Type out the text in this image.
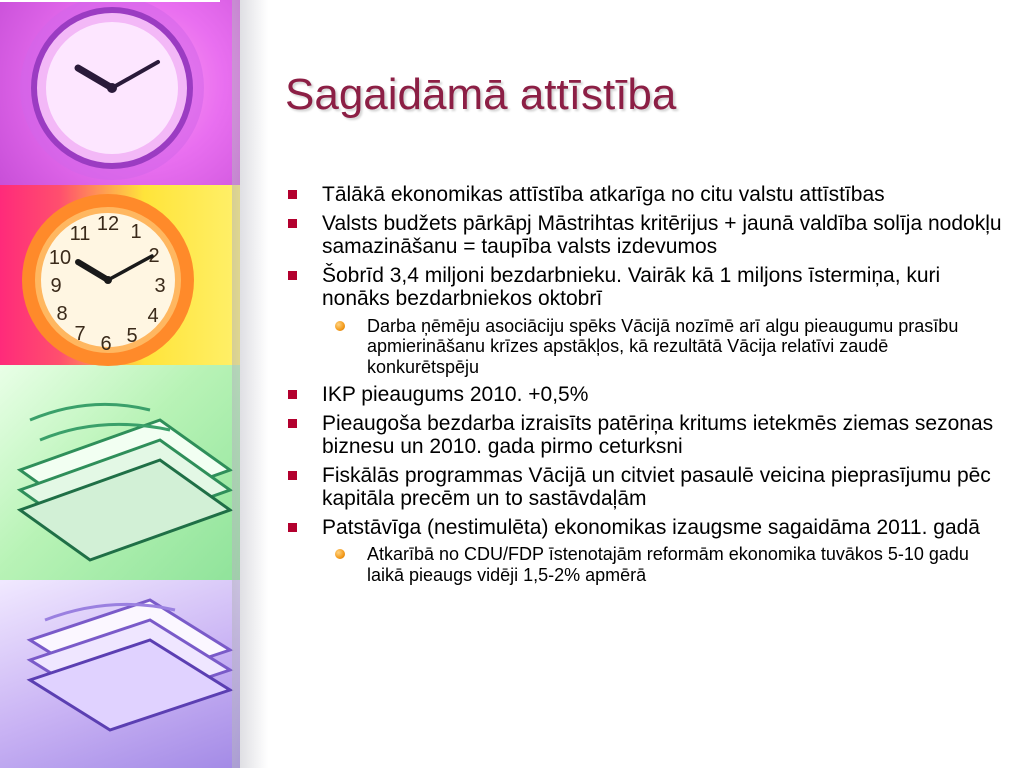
12 1
2
3
4
5
6
7
8
9
10
11
Sagaidāmā attīstība
Tālākā ekonomikas attīstība atkarīga no citu valstu attīstības
Valsts budžets pārkāpj Māstrihtas kritērijus + jaunā valdība solīja nodokļu samazināšanu = taupība valsts izdevumos
Šobrīd 3,4 miljoni bezdarbnieku. Vairāk kā 1 miljons īstermiņa, kuri nonāks bezdarbniekos oktobrī
Darba ņēmēju asociāciju spēks Vācijā nozīmē arī algu pieaugumu prasību apmierināšanu krīzes apstākļos, kā rezultātā Vācija relatīvi zaudē konkurētspēju
IKP pieaugums 2010. +0,5%
Pieaugoša bezdarba izraisīts patēriņa kritums ietekmēs ziemas sezonas biznesu un 2010. gada pirmo ceturksni
Fiskālās programmas Vācijā un citviet pasaulē veicina pieprasījumu pēc kapitāla precēm un to sastāvdaļām
Patstāvīga (nestimulēta) ekonomikas izaugsme sagaidāma 2011. gadā
Atkarībā no CDU/FDP īstenotajām reformām ekonomika tuvākos 5-10 gadu laikā pieaugs vidēji 1,5-2% apmērā
